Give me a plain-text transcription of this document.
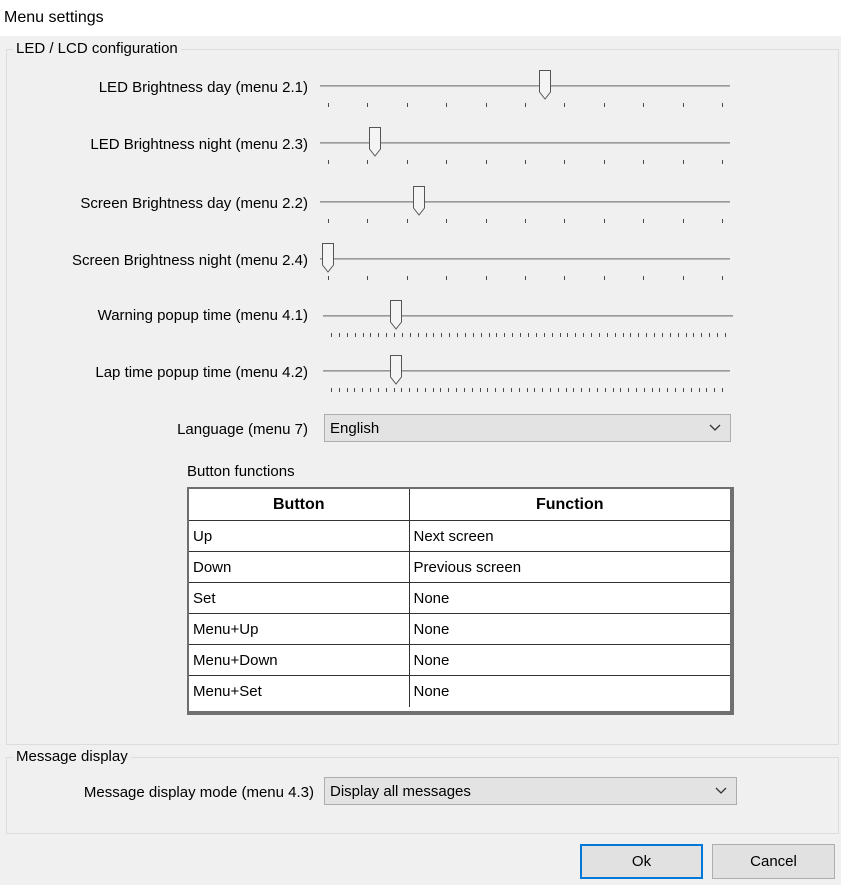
Menu settings
LED / LCD configuration
LED Brightness day (menu 2.1)
LED Brightness night (menu 2.3)
Screen Brightness day (menu 2.2)
Screen Brightness night (menu 2.4)
Warning popup time (menu 4.1)
Lap time popup time (menu 4.2)
Language (menu 7) English
Button functions
Button	Function
Up	Next screen
Down	Previous screen
Set	None
Menu+Up	None
Menu+Down	None
Menu+Set	None
Message display
Message display mode (menu 4.3) Display all messages
Ok	Cancel
